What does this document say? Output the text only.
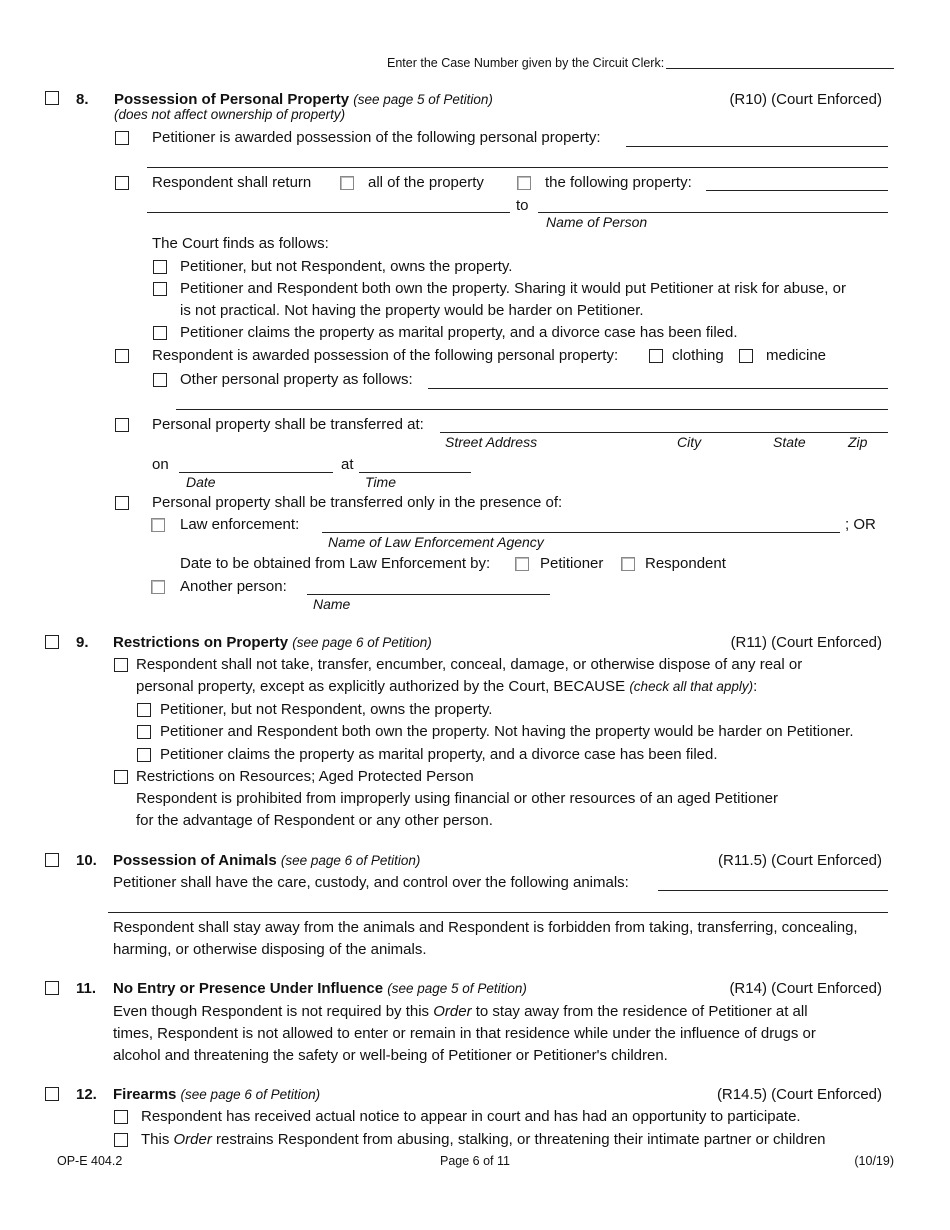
Enter the Case Number given by the Circuit Clerk:
8. Possession of Personal Property (see page 5 of Petition)	(R10) (Court Enforced)
(does not affect ownership of property)
Petitioner is awarded possession of the following personal property:
Respondent shall return	all of the property	the following property:
to
Name of Person
The Court finds as follows:
Petitioner, but not Respondent, owns the property.
Petitioner and Respondent both own the property. Sharing it would put Petitioner at risk for abuse, or
is not practical. Not having the property would be harder on Petitioner.
Petitioner claims the property as marital property, and a divorce case has been filed.
Respondent is awarded possession of the following personal property:	clothing	medicine
Other personal property as follows:
Personal property shall be transferred at:
Street Address	City	State	Zip
on	at
Date	Time
Personal property shall be transferred only in the presence of:
Law enforcement:	; OR
Name of Law Enforcement Agency
Date to be obtained from Law Enforcement by:	Petitioner	Respondent
Another person:
Name
9. Restrictions on Property (see page 6 of Petition)	(R11) (Court Enforced)
Respondent shall not take, transfer, encumber, conceal, damage, or otherwise dispose of any real or
personal property, except as explicitly authorized by the Court, BECAUSE (check all that apply):
Petitioner, but not Respondent, owns the property.
Petitioner and Respondent both own the property. Not having the property would be harder on Petitioner.
Petitioner claims the property as marital property, and a divorce case has been filed.
Restrictions on Resources; Aged Protected Person
Respondent is prohibited from improperly using financial or other resources of an aged Petitioner
for the advantage of Respondent or any other person.
10. Possession of Animals (see page 6 of Petition)	(R11.5) (Court Enforced)
Petitioner shall have the care, custody, and control over the following animals:
Respondent shall stay away from the animals and Respondent is forbidden from taking, transferring, concealing,
harming, or otherwise disposing of the animals.
11. No Entry or Presence Under Influence (see page 5 of Petition)	(R14) (Court Enforced)
Even though Respondent is not required by this Order to stay away from the residence of Petitioner at all
times, Respondent is not allowed to enter or remain in that residence while under the influence of drugs or
alcohol and threatening the safety or well-being of Petitioner or Petitioner's children.
12. Firearms (see page 6 of Petition)	(R14.5) (Court Enforced)
Respondent has received actual notice to appear in court and has had an opportunity to participate.
This Order restrains Respondent from abusing, stalking, or threatening their intimate partner or children
OP-E 404.2	Page 6 of 11	(10/19)
